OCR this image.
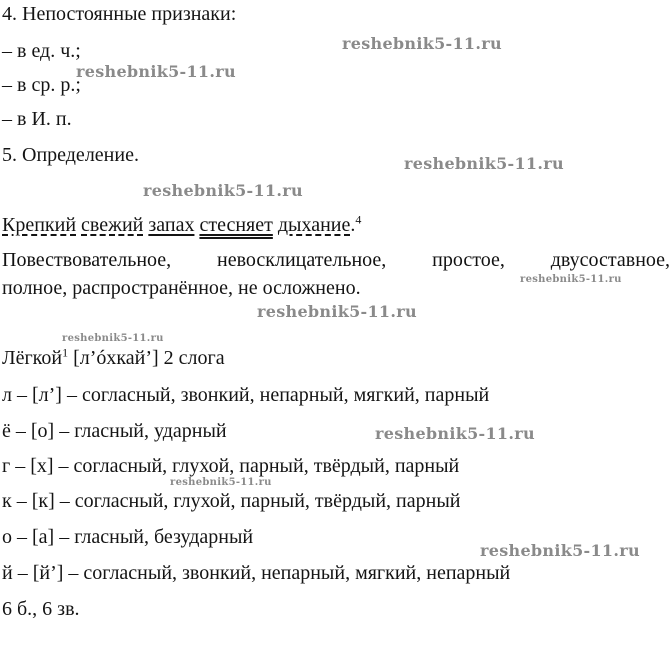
4. Непостоянные признаки:

– в ед. ч.;

– в ср. р.;

– в И. п.

5. Определение.

Крепкий свежий запах стесняет дыхание.$^4$

Повествовательное, невосклицательное, простое, двусоставное,

полное, распространённое, не осложнено.

Лёгкой$^1$ [л’óхкай’] 2 слога

л – [л’] – согласный, звонкий, непарный, мягкий, парный

ё – [о] – гласный, ударный

г – [х] – согласный, глухой, парный, твёрдый, парный

к – [к] – согласный, глухой, парный, твёрдый, парный

о – [а] – гласный, безударный

й – [й’] – согласный, звонкий, непарный, мягкий, непарный

6 б., 6 зв.

reshebnik5-11.ru

reshebnik5-11.ru

reshebnik5-11.ru

reshebnik5-11.ru

reshebnik5-11.ru

reshebnik5-11.ru

reshebnik5-11.ru

reshebnik5-11.ru

reshebnik5-11.ru

reshebnik5-11.ru
